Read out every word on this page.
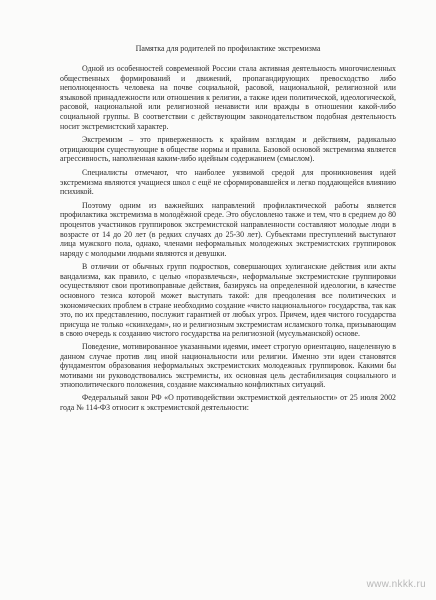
Памятка для родителей по профилактике экстремизма

Одной из особенностей современной России стала активная деятельность многочисленных общественных формирований и движений, пропагандирующих превосходство либо неполноценность человека на почве социальной, расовой, национальной, религиозной или языковой принадлежности или отношения к религии, а также идеи политической, идеологической, расовой, национальной или религиозной ненависти или вражды в отношении какой-либо социальной группы. В соответствии с действующим законодательством подобная деятельность носит экстремистский характер.

Экстремизм – это приверженность к крайним взглядам и действиям, радикально отрицающим существующие в обществе нормы и правила. Базовой основой экстремизма является агрессивность, наполненная каким-либо идейным содержанием (смыслом).

Специалисты отмечают, что наиболее уязвимой средой для проникновения идей экстремизма являются учащиеся школ с ещё не сформировавшейся и легко поддающейся влиянию психикой.

Поэтому одним из важнейших направлений профилактической работы является профилактика экстремизма в молодёжной среде. Это обусловлено также и тем, что в среднем до 80 процентов участников группировок экстремистской направленности составляют молодые люди в возрасте от 14 до 20 лет (в редких случаях до 25-30 лет). Субъектами преступлений выступают лица мужского пола, однако, членами неформальных молодежных экстремистских группировок наряду с молодыми людьми являются и девушки.

В отличии от обычных групп подростков, совершающих хулиганские действия или акты вандализма, как правило, с целью «поразвлечься», неформальные экстремистские группировки осуществляют свои противоправные действия, базируясь на определенной идеологии, в качестве основного тезиса которой может выступать такой: для преодоления все политических и экономических проблем в стране необходимо создание «чисто национального» государства, так как это, по их представлению, послужит гарантией от любых угроз. Причем, идея чистого государства присуща не только «скинхедам», но и религиозным экстремистам исламского толка, призывающим в свою очередь к созданию чистого государства на религиозной (мусульманской) основе.

Поведение, мотивированное указанными идеями, имеет строгую ориентацию, нацеленную в данном случае против лиц иной национальности или религии. Именно эти идеи становятся фундаментом образования неформальных экстремистских молодежных группировок. Какими бы мотивами ни руководствовались экстремисты, их основная цель дестабилизация социального и этнополитического положения, создание максимально конфликтных ситуаций.

Федеральный закон РФ «О противодействии экстремисткой деятельности» от 25 июля 2002 года № 114-ФЗ относит к экстремистской деятельности:

www.nkkk.ru
